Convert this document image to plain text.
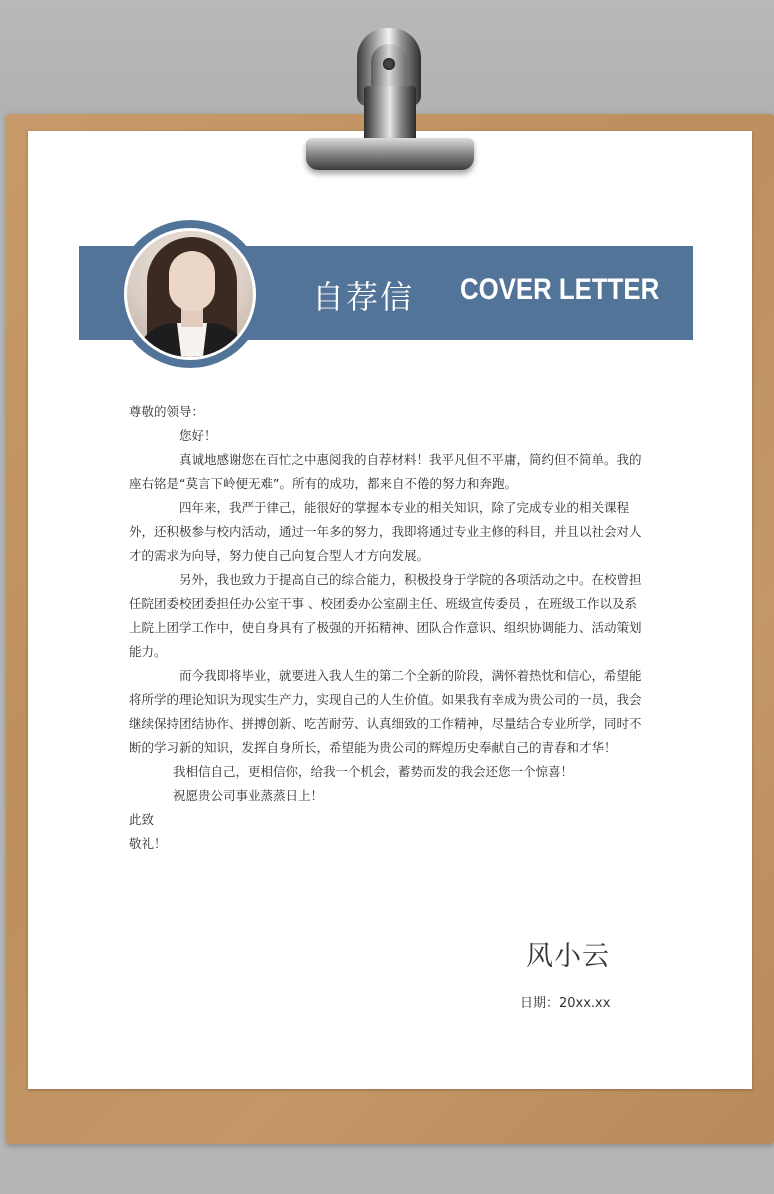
自荐信 COVER LETTER

尊敬的领导：

您好！

真诚地感谢您在百忙之中惠阅我的自荐材料！我平凡但不平庸，简约但不简单。我的座右铭是“莫言下岭便无难”。所有的成功，都来自不倦的努力和奔跑。

四年来，我严于律己，能很好的掌握本专业的相关知识，除了完成专业的相关课程外，还积极参与校内活动，通过一年多的努力，我即将通过专业主修的科目，并且以社会对人才的需求为向导，努力使自己向复合型人才方向发展。

另外，我也致力于提高自己的综合能力，积极投身于学院的各项活动之中。在校曾担任院团委校团委担任办公室干事 、校团委办公室副主任、班级宣传委员 ，在班级工作以及系上院上团学工作中，使自身具有了极强的开拓精神、团队合作意识、组织协调能力、活动策划能力。

而今我即将毕业，就要进入我人生的第二个全新的阶段，满怀着热忱和信心，希望能将所学的理论知识为现实生产力，实现自己的人生价值。如果我有幸成为贵公司的一员，我会继续保持团结协作、拼搏创新、吃苦耐劳、认真细致的工作精神，尽量结合专业所学，同时不断的学习新的知识，发挥自身所长，希望能为贵公司的辉煌历史奉献自己的青春和才华！

我相信自己，更相信你，给我一个机会，蓄势而发的我会还您一个惊喜！

祝愿贵公司事业蒸蒸日上！

此致

敬礼！

风小云
日期：20xx.xx
